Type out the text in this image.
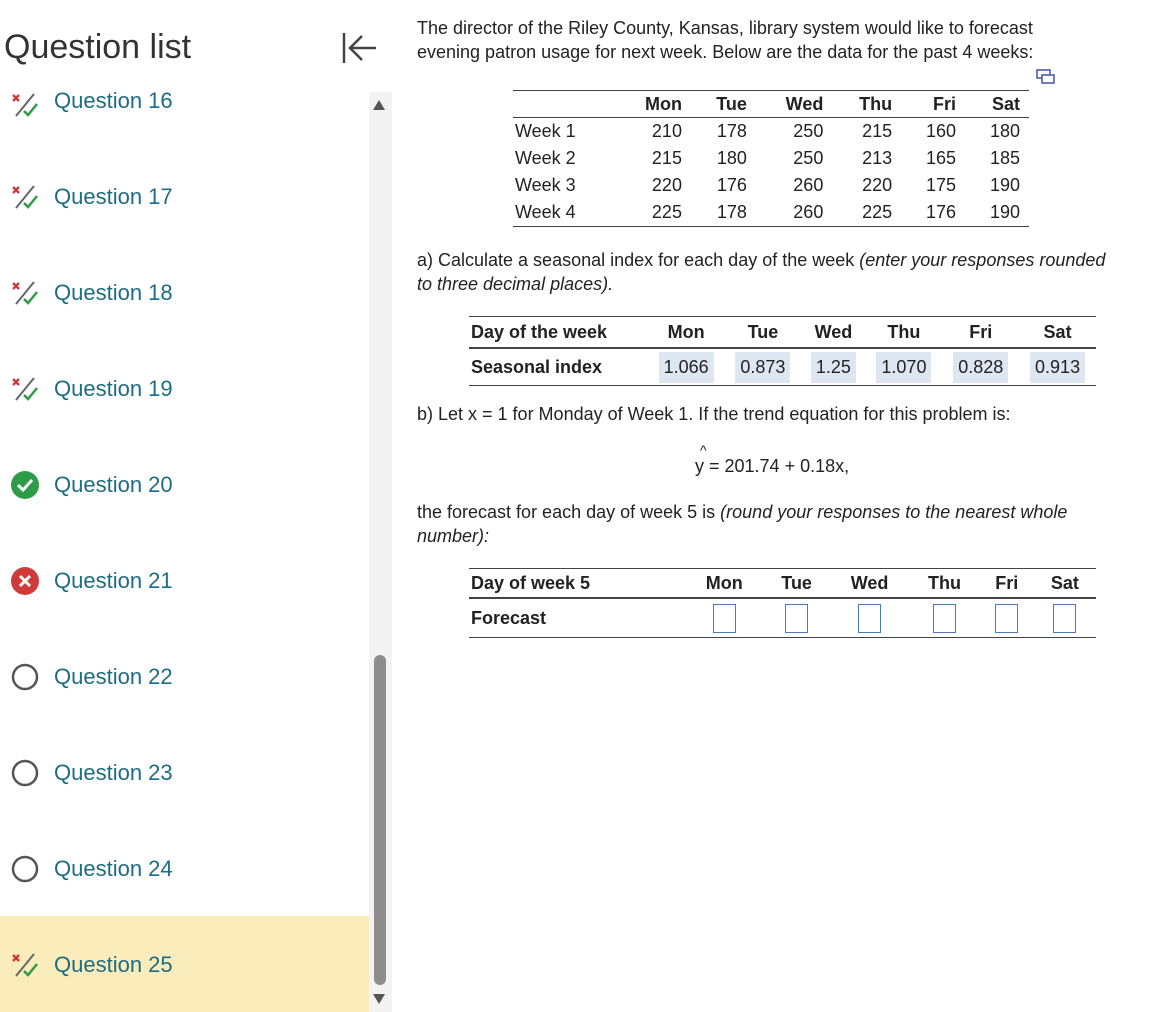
Question list
Question 16
Question 17
Question 18
Question 19
Question 20
Question 21
Question 22
Question 23
Question 24
Question 25
The director of the Riley County, Kansas, library system would like to forecast
evening patron usage for next week. Below are the data for the past 4 weeks:
	Mon	Tue	Wed	Thu	Fri	Sat
Week 1	210	178	250	215	160	180
Week 2	215	180	250	213	165	185
Week 3	220	176	260	220	175	190
Week 4	225	178	260	225	176	190
a) Calculate a seasonal index for each day of the week (enter your responses rounded to three decimal places).
Day of the week	Mon	Tue	Wed	Thu	Fri	Sat
Seasonal index	1.066	0.873	1.25	1.070	0.828	0.913
b) Let x = 1 for Monday of Week 1. If the trend equation for this problem is:
^
y = 201.74 + 0.18x,
the forecast for each day of week 5 is (round your responses to the nearest whole number):
Day of week 5	Mon	Tue	Wed	Thu	Fri	Sat
Forecast						
